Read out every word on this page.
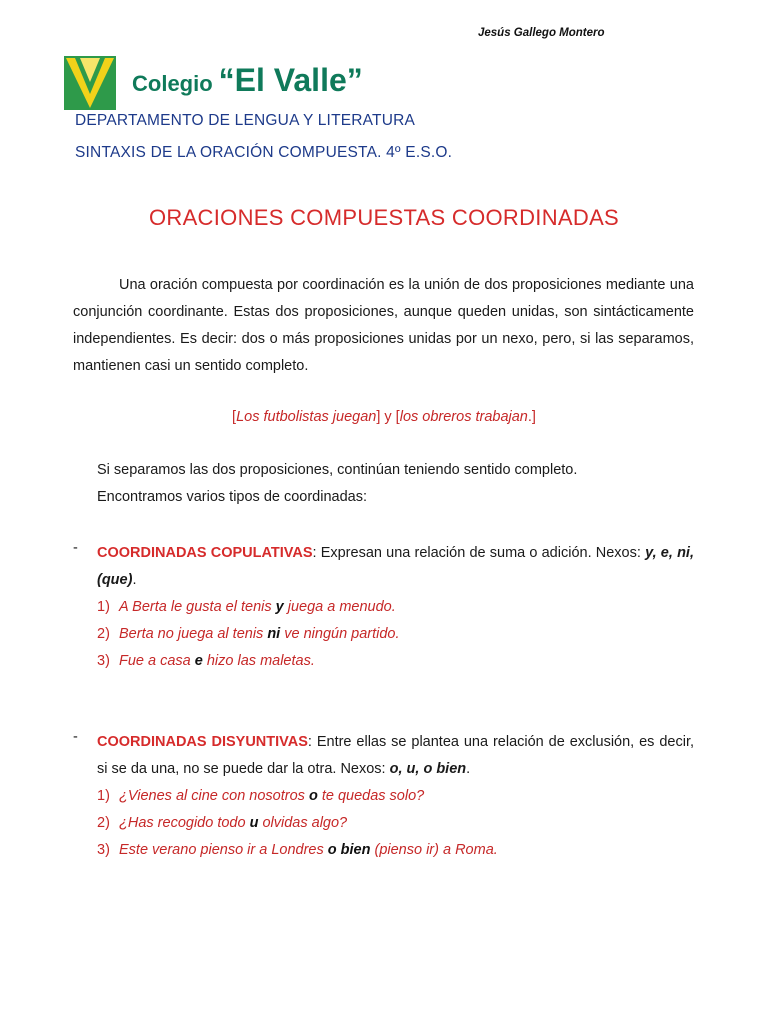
Jesús Gallego Montero
Colegio “El Valle”
DEPARTAMENTO DE LENGUA Y LITERATURA
SINTAXIS DE LA ORACIÓN COMPUESTA. 4º E.S.O.
ORACIONES COMPUESTAS COORDINADAS

Una oración compuesta por coordinación es la unión de dos proposiciones mediante una conjunción coordinante. Estas dos proposiciones, aunque queden unidas, son sintácticamente independientes. Es decir: dos o más proposiciones unidas por un nexo, pero, si las separamos, mantienen casi un sentido completo.

[Los futbolistas juegan] y [los obreros trabajan.]

Si separamos las dos proposiciones, continúan teniendo sentido completo.

Encontramos varios tipos de coordinadas:

- COORDINADAS COPULATIVAS: Expresan una relación de suma o adición. Nexos: y, e, ni, (que).

1) A Berta le gusta el tenis y juega a menudo.
2) Berta no juega al tenis ni ve ningún partido.
3) Fue a casa e hizo las maletas.
- COORDINADAS DISYUNTIVAS: Entre ellas se plantea una relación de exclusión, es decir, si se da una, no se puede dar la otra. Nexos: o, u, o bien.

1) ¿Vienes al cine con nosotros o te quedas solo?
2) ¿Has recogido todo u olvidas algo?
3) Este verano pienso ir a Londres o bien (pienso ir) a Roma.
